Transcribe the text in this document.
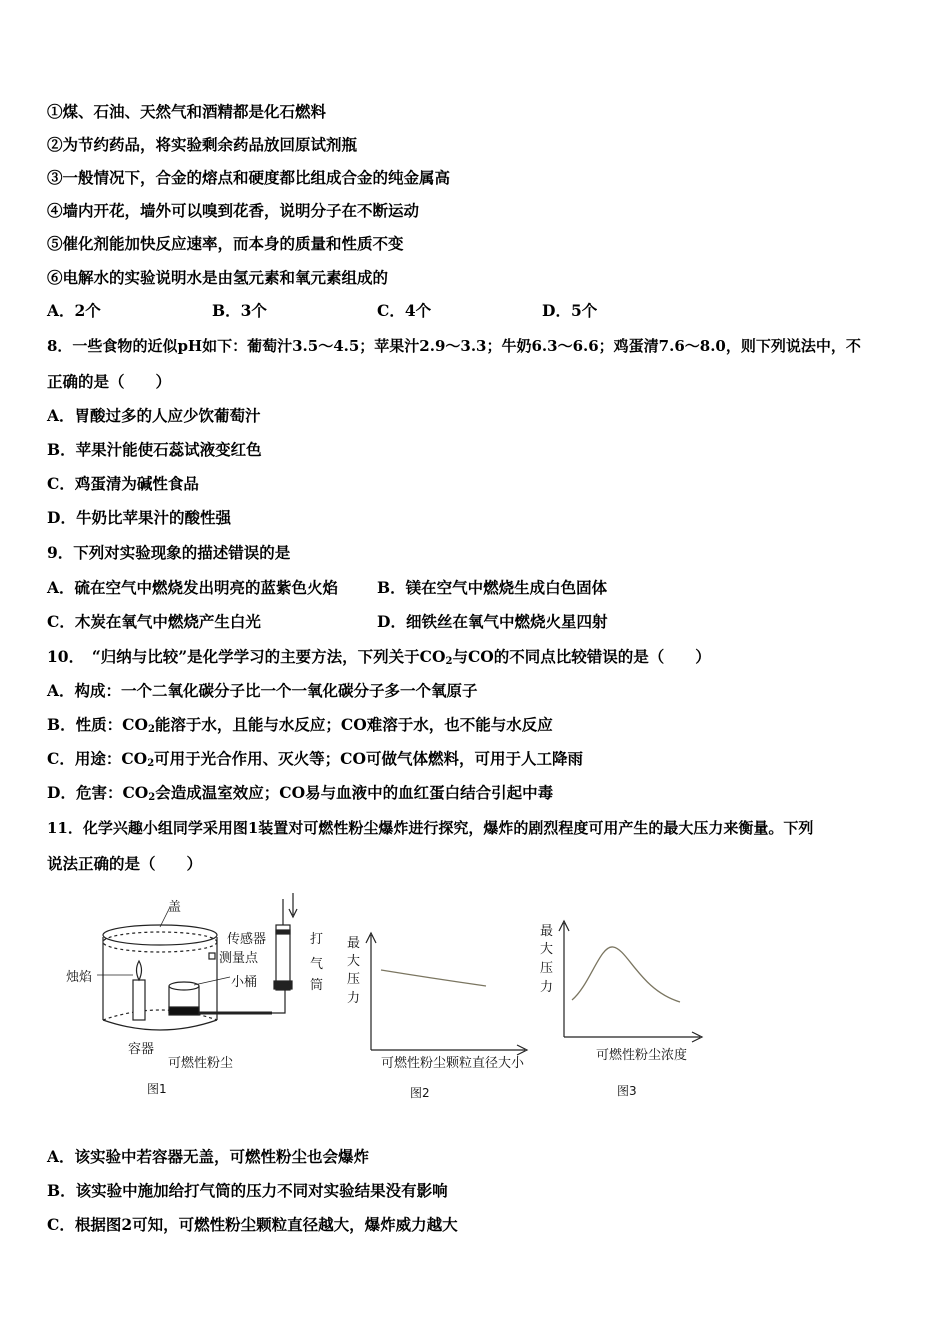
①煤、石油、天然气和酒精都是化石燃料
②为节约药品，将实验剩余药品放回原试剂瓶
③一般情况下，合金的熔点和硬度都比组成合金的纯金属高
④墙内开花，墙外可以嗅到花香，说明分子在不断运动
⑤催化剂能加快反应速率，而本身的质量和性质不变
⑥电解水的实验说明水是由氢元素和氧元素组成的
A．2个	B．3个	C．4个	D．5个
8．一些食物的近似pH如下：葡萄汁3.5～4.5；苹果汁2.9～3.3；牛奶6.3～6.6；鸡蛋清7.6～8.0，则下列说法中，不
正确的是（　　）
A．胃酸过多的人应少饮葡萄汁
B．苹果汁能使石蕊试液变红色
C．鸡蛋清为碱性食品
D．牛奶比苹果汁的酸性强
9．下列对实验现象的描述错误的是
A．硫在空气中燃烧发出明亮的蓝紫色火焰	B．镁在空气中燃烧生成白色固体
C．木炭在氧气中燃烧产生白光	D．细铁丝在氧气中燃烧火星四射
10．　“归纳与比较”是化学学习的主要方法，下列关于$CO_2$与CO的不同点比较错误的是（　　）
A．构成：一个二氧化碳分子比一个一氧化碳分子多一个氧原子
B．性质：$CO_2$能溶于水，且能与水反应；CO难溶于水，也不能与水反应
C．用途：$CO_2$可用于光合作用、灭火等；CO可做气体燃料，可用于人工降雨
D．危害：$CO_2$会造成温室效应；CO易与血液中的血红蛋白结合引起中毒
11．化学兴趣小组同学采用图1装置对可燃性粉尘爆炸进行探究，爆炸的剧烈程度可用产生的最大压力来衡量。下列
说法正确的是（　　）
盖
烛焰
传感器
测量点
小桶
打
气
筒
容器
可燃性粉尘
图1
最
大
压
力
可燃性粉尘颗粒直径大小
图2
最
大
压
力
可燃性粉尘浓度
图3
A．该实验中若容器无盖，可燃性粉尘也会爆炸
B．该实验中施加给打气筒的压力不同对实验结果没有影响
C．根据图2可知，可燃性粉尘颗粒直径越大，爆炸威力越大
